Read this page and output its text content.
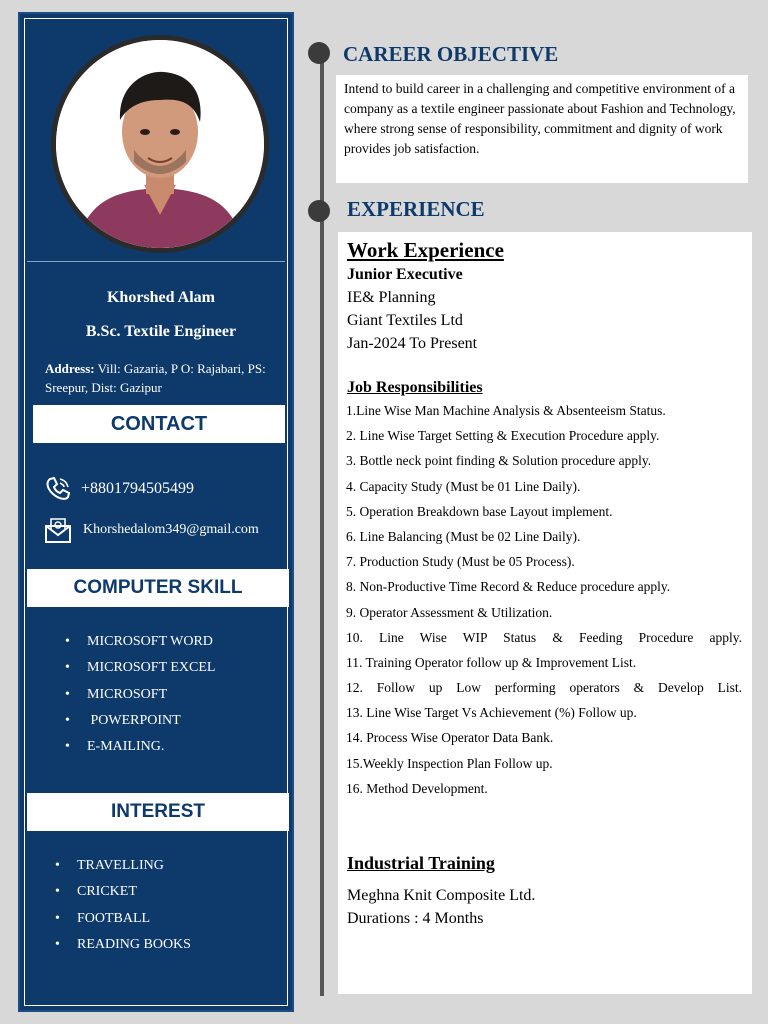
Khorshed Alam
B.Sc. Textile Engineer
Address: Vill: Gazaria, P O: Rajabari, PS: Sreepur, Dist: Gazipur
CONTACT
+8801794505499
Khorshedalom349@gmail.com
COMPUTER SKILL
• MICROSOFT WORD
• MICROSOFT EXCEL
• MICROSOFT
•  POWERPOINT
• E-MAILING.
INTEREST
• TRAVELLING
• CRICKET
• FOOTBALL
• READING BOOKS
CAREER OBJECTIVE
Intend to build career in a challenging and competitive environment of a company as a textile engineer passionate about Fashion and Technology, where strong sense of responsibility, commitment and dignity of work provides job satisfaction.
EXPERIENCE
Work Experience
Junior Executive
IE& Planning
Giant Textiles Ltd
Jan-2024 To Present
Job Responsibilities
1.Line Wise Man Machine Analysis & Absenteeism Status.
2. Line Wise Target Setting & Execution Procedure apply.
3. Bottle neck point finding & Solution procedure apply.
4. Capacity Study (Must be 01 Line Daily).
5. Operation Breakdown base Layout implement.
6. Line Balancing (Must be 02 Line Daily).
7. Production Study (Must be 05 Process).
8. Non-Productive Time Record & Reduce procedure apply.
9. Operator Assessment & Utilization.
10. Line Wise WIP Status & Feeding Procedure apply.
11. Training Operator follow up & Improvement List.
12. Follow up Low performing operators & Develop List.
13. Line Wise Target Vs Achievement (%) Follow up.
14. Process Wise Operator Data Bank.
15.Weekly Inspection Plan Follow up.
16. Method Development.
Industrial Training
Meghna Knit Composite Ltd.
Durations : 4 Months
